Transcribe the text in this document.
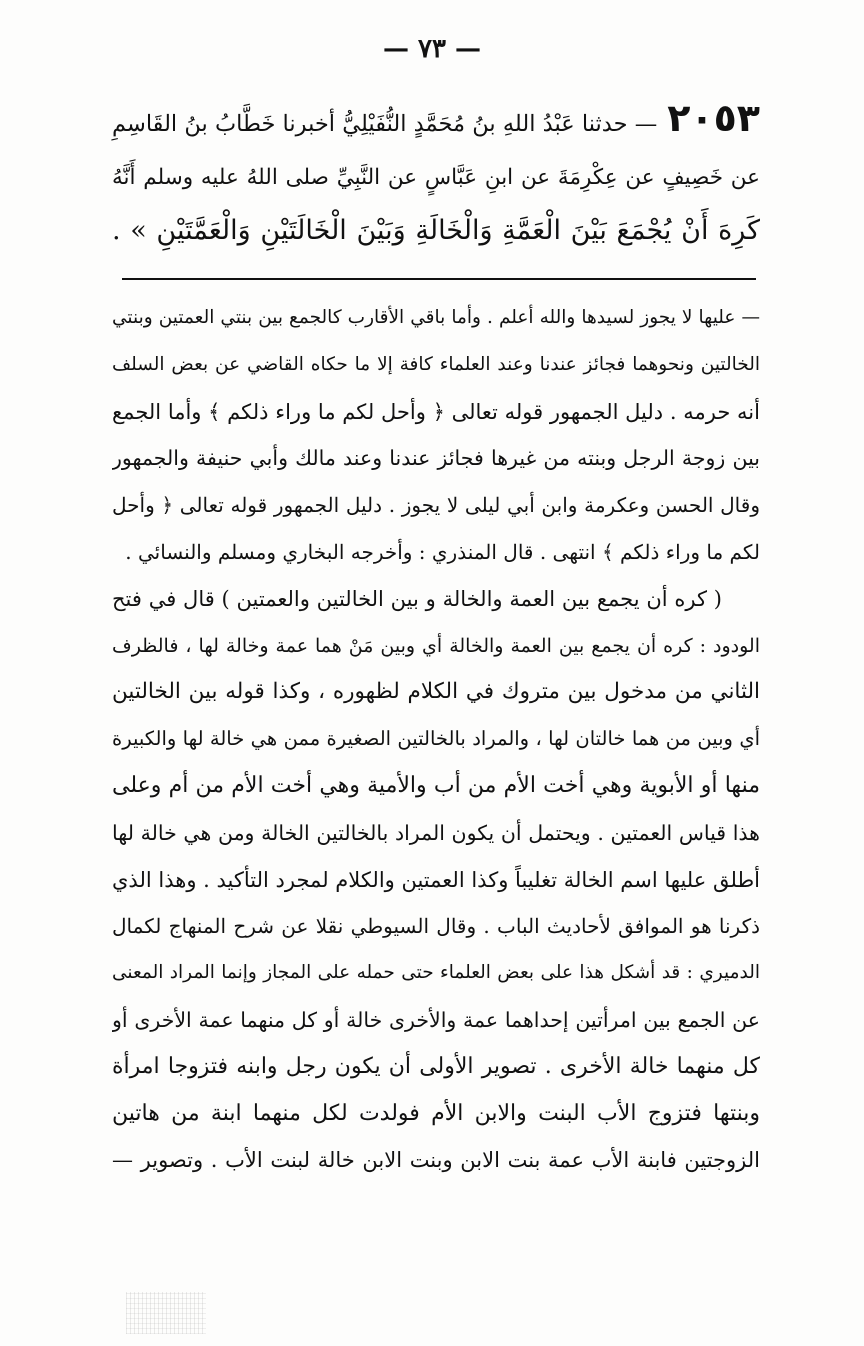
— ٧٣ —
٢٠٥٣— حدثنا عَبْدُ اللهِ بنُ مُحَمَّدٍ النُّفَيْلِيُّ أخبرنا خَطَّابُ بنُ القَاسِمِ
عن خَصِيفٍ عن عِكْرِمَةَ عن ابنِ عَبَّاسٍ عن النَّبِيِّ صلى اللهُ عليه وسلم أَنَّهُ
كَرِهَ أَنْ يُجْمَعَ بَيْنَ الْعَمَّةِ وَالْخَالَةِ وَبَيْنَ الْخَالَتَيْنِ وَالْعَمَّتَيْنِ » .
— عليها لا يجوز لسيدها والله أعلم . وأما باقي الأقارب كالجمع بين بنتي العمتين وبنتي
الخالتين ونحوهما فجائز عندنا وعند العلماء كافة إلا ما حكاه القاضي عن بعض السلف
أنه حرمه . دليل الجمهور قوله تعالى ﴿ وأحل لكم ما وراء ذلكم ﴾ وأما الجمع
بين زوجة الرجل وبنته من غيرها فجائز عندنا وعند مالك وأبي حنيفة والجمهور
وقال الحسن وعكرمة وابن أبي ليلى لا يجوز . دليل الجمهور قوله تعالى ﴿ وأحل
لكم ما وراء ذلكم ﴾ انتهى . قال المنذري : وأخرجه البخاري ومسلم والنسائي .
( كره أن يجمع بين العمة والخالة و بين الخالتين والعمتين ) قال في فتح
الودود : كره أن يجمع بين العمة والخالة أي وبين مَنْ هما عمة وخالة لها ، فالظرف
الثاني من مدخول بين متروك في الكلام لظهوره ، وكذا قوله بين الخالتين
أي وبين من هما خالتان لها ، والمراد بالخالتين الصغيرة ممن هي خالة لها والكبيرة
منها أو الأبوية وهي أخت الأم من أب والأمية وهي أخت الأم من أم وعلى
هذا قياس العمتين . ويحتمل أن يكون المراد بالخالتين الخالة ومن هي خالة لها
أطلق عليها اسم الخالة تغليباً وكذا العمتين والكلام لمجرد التأكيد . وهذا الذي
ذكرنا هو الموافق لأحاديث الباب . وقال السيوطي نقلا عن شرح المنهاج لكمال
الدميري : قد أشكل هذا على بعض العلماء حتى حمله على المجاز وإنما المراد المعنى
عن الجمع بين امرأتين إحداهما عمة والأخرى خالة أو كل منهما عمة الأخرى أو
كل منهما خالة الأخرى . تصوير الأولى أن يكون رجل وابنه فتزوجا امرأة
وبنتها فتزوج الأب البنت والابن الأم فولدت لكل منهما ابنة من هاتين
الزوجتين فابنة الأب عمة بنت الابن وبنت الابن خالة لبنت الأب . وتصوير —
